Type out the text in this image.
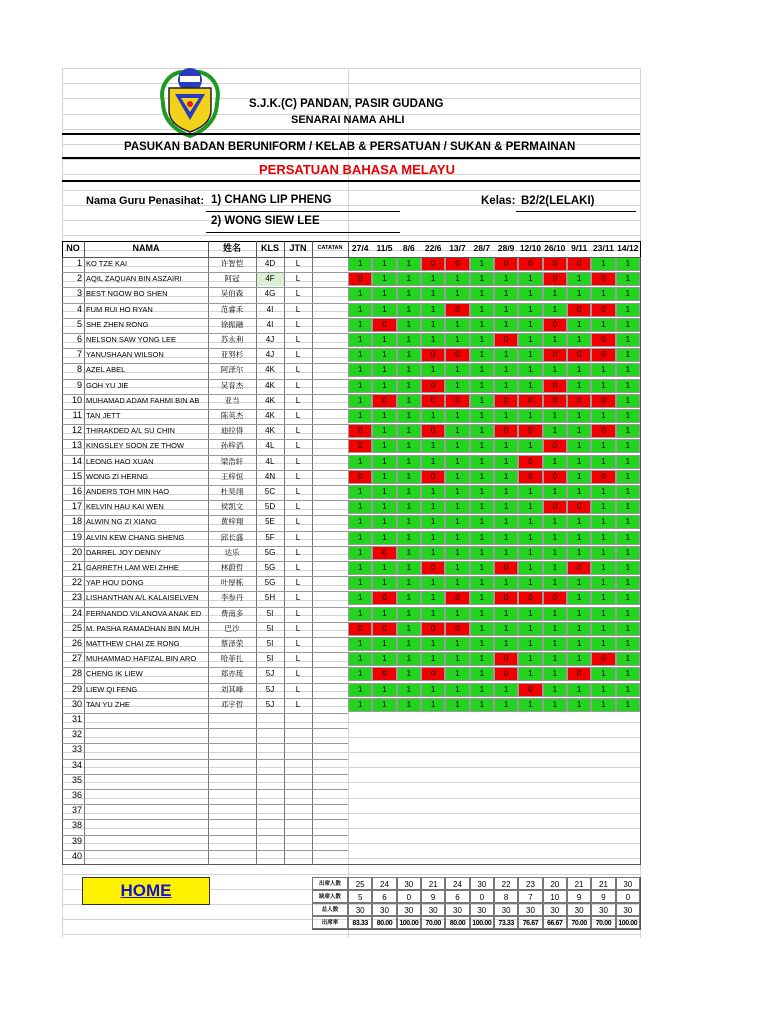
S.J.K.(C) PANDAN, PASIR GUDANG
SENARAI NAMA AHLI
PASUKAN BADAN BERUNIFORM / KELAB & PERSATUAN / SUKAN & PERMAINAN
PERSATUAN BAHASA MELAYU
Nama Guru Penasihat: 1) CHANG LIP PHENG
2) WONG SIEW LEE
Kelas: B2/2(LELAKI)
NO	NAMA	姓名	KLS	JTN	CATATAN	27/4 11/5	8/6	22/6 13/7 28/7 28/9 12/10 26/10 9/11 23/11 14/12
1 KO TZE KAI	许智恺	4D	L	1	1	1	0	0	1	0	0	0	0	1	1
2 AQIL ZAQUAN BIN ASZAIRI	阿冠	4F	L	0	1	1	1	1	1	1	1	0	1	0	1
3 BEST NGOW BO SHEN	吴伯森	4G	L	1	1	1	1	1	1	1	1	1	1	1	1
4 FUM RUI HO RYAN	范睿禾	4I	L	1	1	1	1	0	1	1	1	1	0	0	1
5 SHE ZHEN RONG	徐振融	4I	L	1	0	1	1	1	1	1	1	0	1	1	1
6 NELSON SAW YONG LEE	苏永利	4J	L	1	1	1	1	1	1	0	1	1	1	0	1
7 YANUSHAAN WILSON	亚努杉	4J	L	1	1	1	0	0	1	1	1	0	0	0	1
8 AZEL ABEL	阿泽尔	4K	L	1	1	1	1	1	1	1	1	1	1	1	1
9 GOH YU JIE	吴育杰	4K	L	1	1	1	0	1	1	1	1	0	1	1	1
10 MUHAMAD ADAM FAHMI BIN AB	亚当	4K	L	1	0	1	0	0	1	0	0	0	0	0	1
11 TAN JETT	陈英杰	4K	L	1	1	1	1	1	1	1	1	1	1	1	1
12 THIRAKDED A/L SU CHIN	迪拉得	4K	L	0	1	1	0	1	1	0	0	1	1	0	1
13 KINGSLEY SOON ZE THOW	孙梓滔	4L	L	0	1	1	1	1	1	1	1	0	1	1	1
14 LEONG HAO XUAN	梁浩轩	4L	L	1	1	1	1	1	1	1	0	1	1	1	1
15 WONG ZI HERNG	王梓恒	4N	L	0	1	1	0	1	1	1	0	0	1	0	1
16 ANDERS TOH MIN HAO	杜昊翊	5C	L	1	1	1	1	1	1	1	1	1	1	1	1
17 KELVIN HAU KAI WEN	侯凯文	5D	L	1	1	1	1	1	1	1	1	0	0	1	1
18 ALWIN NG ZI XIANG	黄梓翔	5E	L	1	1	1	1	1	1	1	1	1	1	1	1
19 ALVIN KEW CHANG SHENG	邱长盛	5F	L	1	1	1	1	1	1	1	1	1	1	1	1
20 DARREL JOY DENNY	达乐	5G	L	1	0	1	1	1	1	1	1	1	1	1	1
21 GARRETH LAM WEI ZHHE	林蔚哲	5G	L	1	1	1	0	1	1	0	1	1	0	1	1
22 YAP HOU DONG	叶厚栋	5G	L	1	1	1	1	1	1	1	1	1	1	1	1
23 LISHANTHAN A/L KALAISELVEN	李参丹	5H	L	1	0	1	1	0	1	0	0	0	1	1	1
24 FERNANDO VILANOVA ANAK ED	费南多	5I	L	1	1	1	1	1	1	1	1	1	1	1	1
25 M. PASHA RAMADHAN BIN MUH	巴沙	5I	L	0	0	1	0	0	1	1	1	1	1	1	1
26 MATTHEW CHAI ZE RONG	蔡泽荣	5I	L	1	1	1	1	1	1	1	1	1	1	1	1
27 MUHAMMAD HAFIZAL BIN ARO	哈菲扎	5I	L	1	1	1	1	1	1	0	1	1	1	0	1
28 CHENG IK LIEW	郑亦琉	5J	L	1	0	1	0	1	1	0	1	1	0	1	1
29 LIEW QI FENG	刘其峰	5J	L	1	1	1	1	1	1	1	0	1	1	1	1
30 TAN YU ZHE	邓宇哲	5J	L	1	1	1	1	1	1	1	1	1	1	1	1
31
32
33
34
35
36
37
38
39
40
HOME	出席人数	25	24	30	21	24	30	22	23	20	21	21	30
缺席人数	5	6	0	9	6	0	8	7	10	9	9	0
总人数	30	30	30	30	30	30	30	30	30	30	30	30
出席率	83.33	80.00	100.00	70.00	80.00	100.00	73.33	76.67	66.67	70.00	70.00	100.00
